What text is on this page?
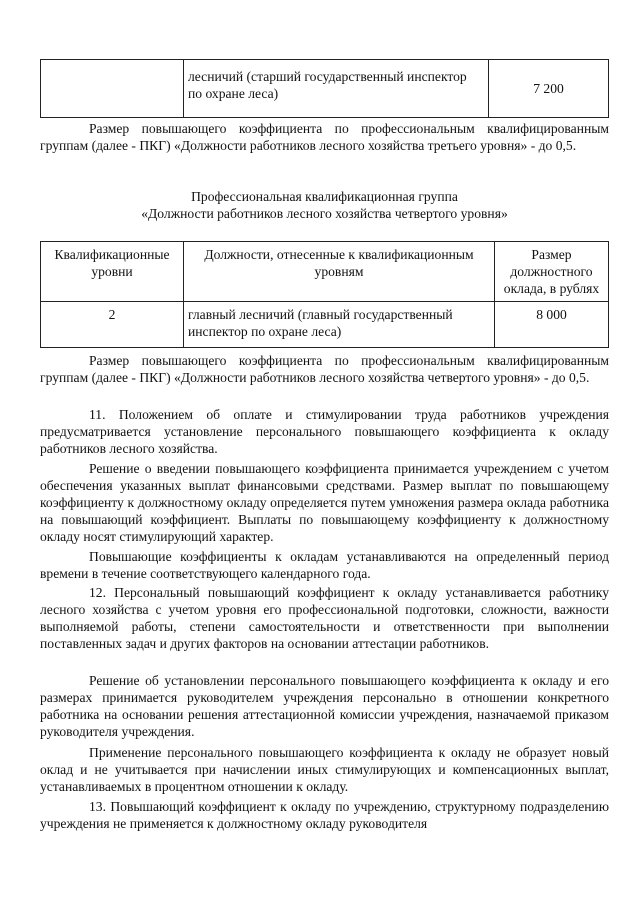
	лесничий (старший государственный инспектор по охране леса)	7 200

Размер повышающего коэффициента по профессиональным квалифицированным группам (далее - ПКГ) «Должности работников лесного хозяйства третьего уровня» - до 0,5.

Профессиональная квалификационная группа
«Должности работников лесного хозяйства четвертого уровня»
Квалификационные уровни	Должности, отнесенные к квалификационным уровням	Размер должностного оклада, в рублях
2	главный лесничий (главный государственный инспектор по охране леса)	8 000

Размер повышающего коэффициента по профессиональным квалифицированным группам (далее - ПКГ) «Должности работников лесного хозяйства четвертого уровня» - до 0,5.

11. Положением об оплате и стимулировании труда работников учреждения предусматривается установление персонального повышающего коэффициента к окладу работников лесного хозяйства.

Решение о введении повышающего коэффициента принимается учреждением с учетом обеспечения указанных выплат финансовыми средствами. Размер выплат по повышающему коэффициенту к должностному окладу определяется путем умножения размера оклада работника на повышающий коэффициент. Выплаты по повышающему коэффициенту к должностному окладу носят стимулирующий характер.

Повышающие коэффициенты к окладам устанавливаются на определенный период времени в течение соответствующего календарного года.

12. Персональный повышающий коэффициент к окладу устанавливается работнику лесного хозяйства с учетом уровня его профессиональной подготовки, сложности, важности выполняемой работы, степени самостоятельности и ответственности при выполнении поставленных задач и других факторов на основании аттестации работников.

Решение об установлении персонального повышающего коэффициента к окладу и его размерах принимается руководителем учреждения персонально в отношении конкретного работника на основании решения аттестационной комиссии учреждения, назначаемой приказом руководителя учреждения.

Применение персонального повышающего коэффициента к окладу не образует новый оклад и не учитывается при начислении иных стимулирующих и компенсационных выплат, устанавливаемых в процентном отношении к окладу.

13. Повышающий коэффициент к окладу по учреждению, структурному подразделению учреждения не применяется к должностному окладу руководителя
